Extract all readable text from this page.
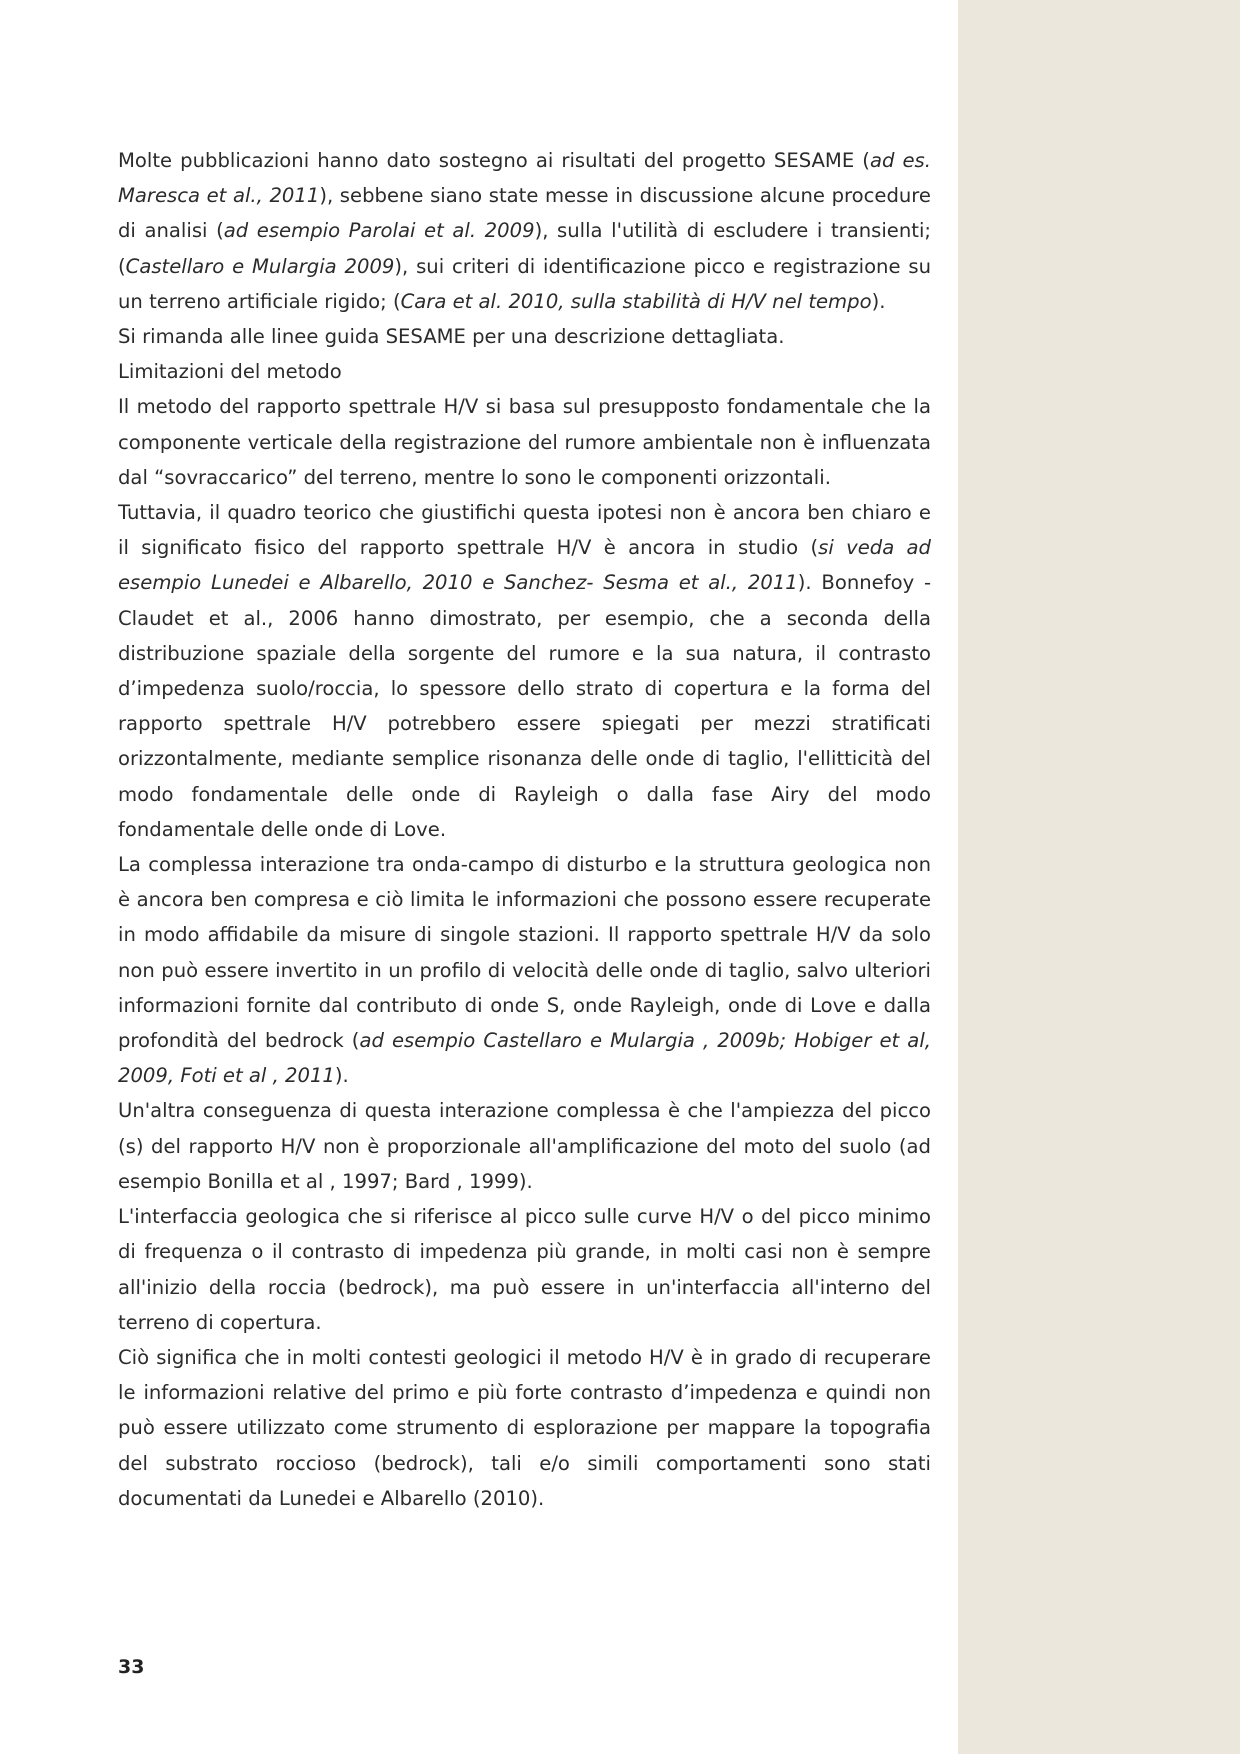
Molte pubblicazioni hanno dato sostegno ai risultati del progetto SESAME (ad es. Maresca et al., 2011), sebbene siano state messe in discussione alcune procedure di analisi (ad esempio Parolai et al. 2009), sulla l'utilità di escludere i transienti; (Castellaro e Mulargia 2009), sui criteri di identificazione picco e registrazione su un terreno artificiale rigido; (Cara et al. 2010, sulla stabilità di H/V nel tempo).

Si rimanda alle linee guida SESAME per una descrizione dettagliata.

Limitazioni del metodo

Il metodo del rapporto spettrale H/V si basa sul presupposto fondamentale che la componente verticale della registrazione del rumore ambientale non è influenzata dal “sovraccarico” del terreno, mentre lo sono le componenti orizzontali.

Tuttavia, il quadro teorico che giustifichi questa ipotesi non è ancora ben chiaro e il significato fisico del rapporto spettrale H/V è ancora in studio (si veda ad esempio Lunedei e Albarello, 2010 e Sanchez- Sesma et al., 2011). Bonnefoy - Claudet et al., 2006 hanno dimostrato, per esempio, che a seconda della distribuzione spaziale della sorgente del rumore e la sua natura, il contrasto d’impedenza suolo/roccia, lo spessore dello strato di copertura e la forma del rapporto spettrale H/V potrebbero essere spiegati per mezzi stratificati orizzontalmente, mediante semplice risonanza delle onde di taglio, l'ellitticità del modo fondamentale delle onde di Rayleigh o dalla fase Airy del modo fondamentale delle onde di Love.

La complessa interazione tra onda-campo di disturbo e la struttura geologica non è ancora ben compresa e ciò limita le informazioni che possono essere recuperate in modo affidabile da misure di singole stazioni. Il rapporto spettrale H/V da solo non può essere invertito in un profilo di velocità delle onde di taglio, salvo ulteriori informazioni fornite dal contributo di onde S, onde Rayleigh, onde di Love e dalla profondità del bedrock (ad esempio Castellaro e Mulargia , 2009b; Hobiger et al, 2009, Foti et al , 2011).

Un'altra conseguenza di questa interazione complessa è che l'ampiezza del picco (s) del rapporto H/V non è proporzionale all'amplificazione del moto del suolo (ad esempio Bonilla et al , 1997; Bard , 1999).

L'interfaccia geologica che si riferisce al picco sulle curve H/V o del picco minimo di frequenza o il contrasto di impedenza più grande, in molti casi non è sempre all'inizio della roccia (bedrock), ma può essere in un'interfaccia all'interno del terreno di copertura.

Ciò significa che in molti contesti geologici il metodo H/V è in grado di recuperare le informazioni relative del primo e più forte contrasto d’impedenza e quindi non può essere utilizzato come strumento di esplorazione per mappare la topografia del substrato roccioso (bedrock), tali e/o simili comportamenti sono stati documentati da Lunedei e Albarello (2010).

33
